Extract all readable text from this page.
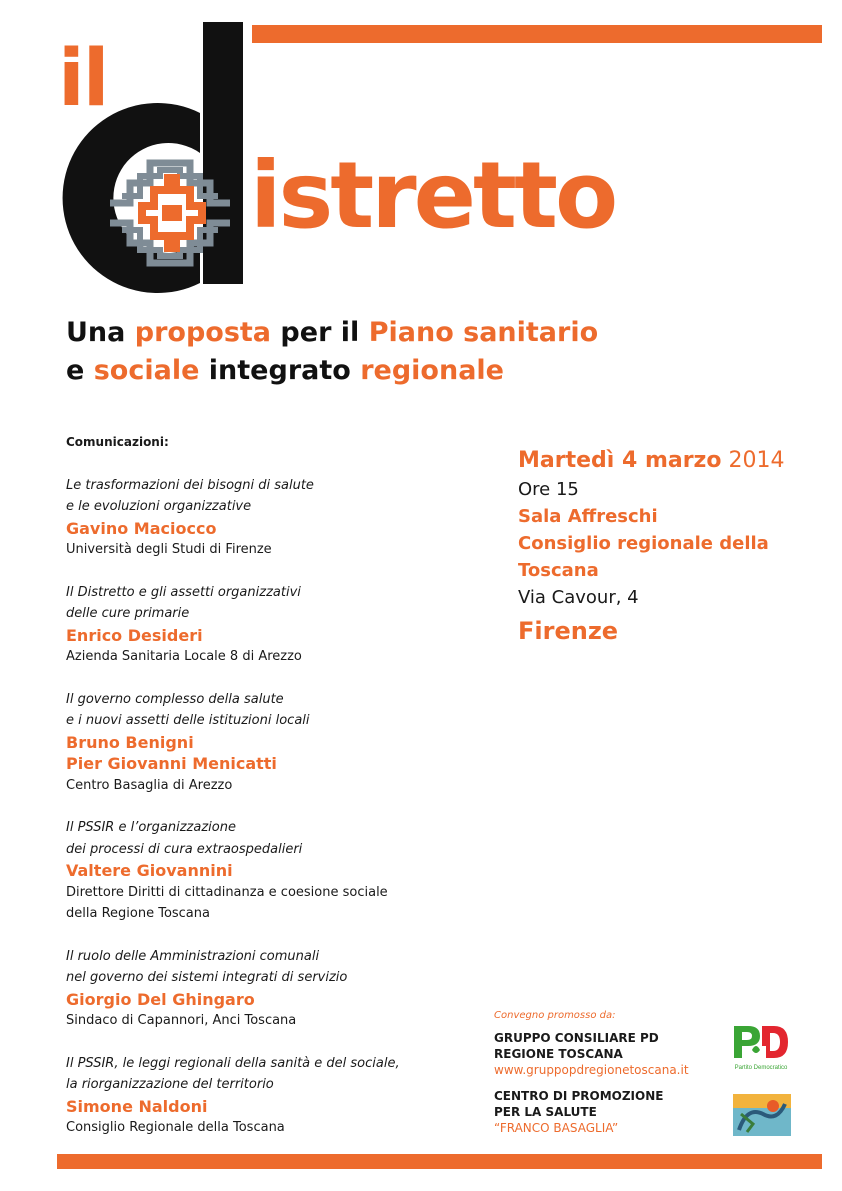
il
istretto
Una proposta per il Piano sanitario
e sociale integrato regionale
Comunicazioni:
Le trasformazioni dei bisogni di salute
e le evoluzioni organizzative
Gavino Maciocco
Università degli Studi di Firenze
Il Distretto e gli assetti organizzativi
delle cure primarie
Enrico Desideri
Azienda Sanitaria Locale 8 di Arezzo
Il governo complesso della salute
e i nuovi assetti delle istituzioni locali
Bruno Benigni
Pier Giovanni Menicatti
Centro Basaglia di Arezzo
Il PSSIR e l’organizzazione
dei processi di cura extraospedalieri
Valtere Giovannini
Direttore Diritti di cittadinanza e coesione sociale
della Regione Toscana
Il ruolo delle Amministrazioni comunali
nel governo dei sistemi integrati di servizio
Giorgio Del Ghingaro
Sindaco di Capannori, Anci Toscana
Il PSSIR, le leggi regionali della sanità e del sociale,
la riorganizzazione del territorio
Simone Naldoni
Consiglio Regionale della Toscana
Martedì 4 marzo 2014
Ore 15
Sala Affreschi
Consiglio regionale della Toscana
Via Cavour, 4
Firenze
Convegno promosso da:
GRUPPO CONSILIARE PD
REGIONE TOSCANA
www.gruppopdregionetoscana.it
CENTRO DI PROMOZIONE
PER LA SALUTE
“FRANCO BASAGLIA”
Partito Democratico
